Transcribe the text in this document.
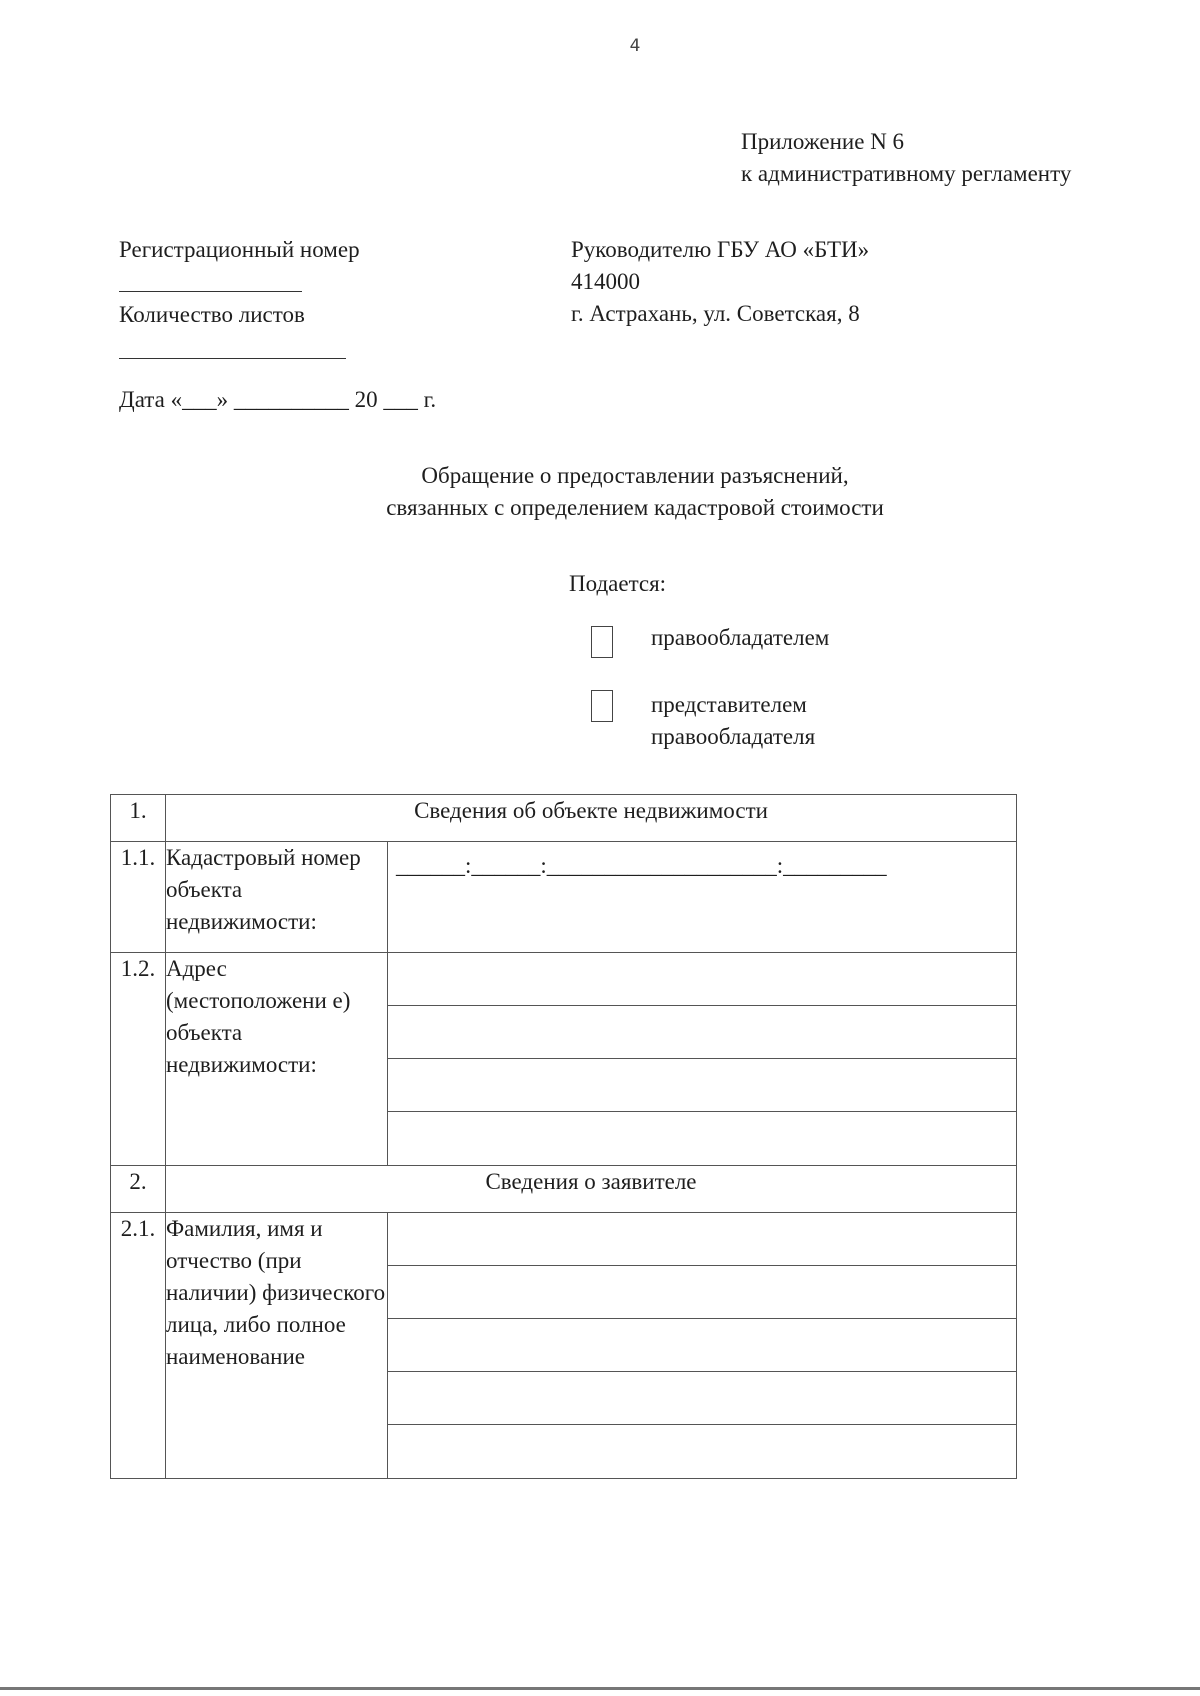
4
Приложение N 6
к административному регламенту
Регистрационный номер
Количество листов
Руководителю ГБУ АО «БТИ»
414000
г. Астрахань, ул. Советская, 8
Дата «___» __________ 20 ___ г.
Обращение о предоставлении разъяснений,
связанных с определением кадастровой стоимости
Подается:
правообладателем
представителем
правообладателя
1.	Сведения об объекте недвижимости	
1.1.	Кадастровый номер объекта недвижимости:	______:______:____________________:_________

1.2.	Адрес (местоположени е) объекта недвижимости:	

2.	Сведения о заявителе	
2.1.	Фамилия, имя и отчество (при наличии) физического лица, либо полное наименование	
